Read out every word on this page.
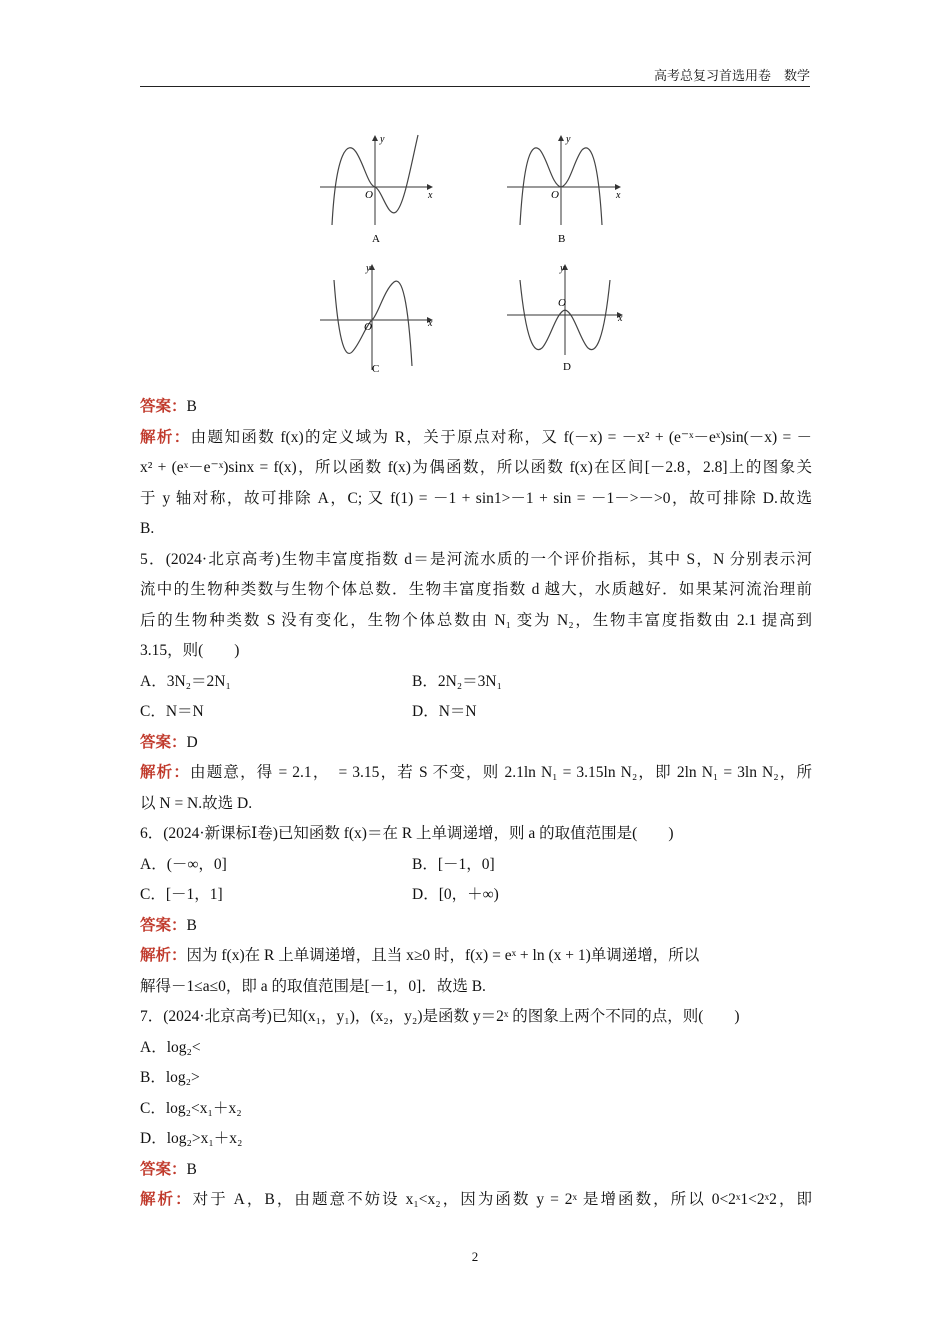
高考总复习首选用卷　数学
y
x
O
A
y
x
O
B
y
x
O
C
y
x
O
D
答案：B
解析：由题知函数 f(x)的定义域为 R，关于原点对称，又 f(－x) = －x² + (e⁻ˣ－eˣ)sin(－x) = －
x² + (eˣ－e⁻ˣ)sinx = f(x)，所以函数 f(x)为偶函数，所以函数 f(x)在区间[－2.8，2.8]上的图象关
于 y 轴对称，故可排除 A，C; 又 f(1) = －1 + sin1>－1 + sin = －1－>－>0，故可排除 D.故选
B.
5．(2024·北京高考)生物丰富度指数 d＝是河流水质的一个评价指标，其中 S，N 分别表示河
流中的生物种类数与生物个体总数．生物丰富度指数 d 越大，水质越好．如果某河流治理前
后的生物种类数 S 没有变化，生物个体总数由 N₁ 变为 N₂，生物丰富度指数由 2.1 提高到
3.15，则(　　)
A．3N₂＝2N₁	B．2N₂＝3N₁
C．N＝N	D．N＝N
答案：D
解析：由题意，得 = 2.1，　= 3.15，若 S 不变，则 2.1ln N₁ = 3.15ln N₂，即 2ln N₁ = 3ln N₂，所
以 N = N.故选 D.
6．(2024·新课标Ⅰ卷)已知函数 f(x)＝在 R 上单调递增，则 a 的取值范围是(　　)
A．(－∞，0]	B．[－1，0]
C．[－1，1]	D．[0，＋∞)
答案：B
解析：因为 f(x)在 R 上单调递增，且当 x≥0 时，f(x) = eˣ + ln (x + 1)单调递增，所以
解得－1≤a≤0，即 a 的取值范围是[－1，0]．故选 B.
7．(2024·北京高考)已知(x₁，y₁)，(x₂，y₂)是函数 y＝2ˣ 的图象上两个不同的点，则(　　)
A．log₂<
B．log₂>
C．log₂<x₁＋x₂
D．log₂>x₁＋x₂
答案：B
解析：对于 A，B，由题意不妨设 x₁<x₂，因为函数 y = 2ˣ 是增函数，所以 0<2ˣ1<2ˣ2，即
2
